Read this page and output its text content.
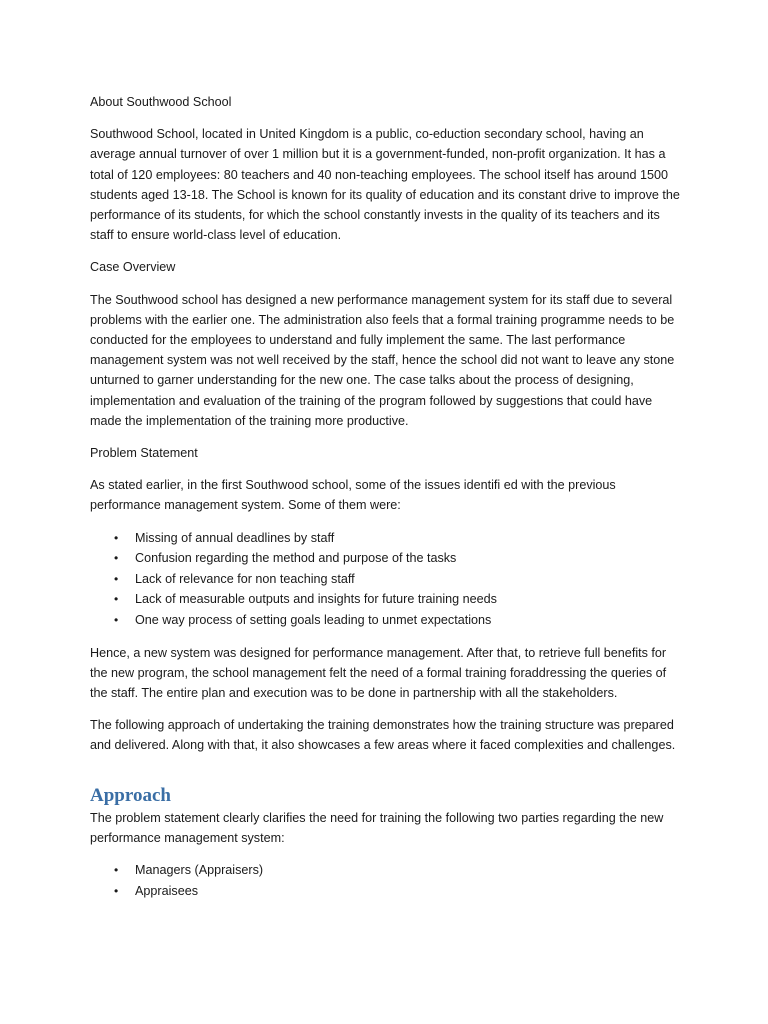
About Southwood School

Southwood School, located in United Kingdom is a public, co-eduction secondary school, having an average annual turnover of over 1 million but it is a government-funded, non-profit organization. It has a total of 120 employees: 80 teachers and 40 non-teaching employees. The school itself has around 1500 students aged 13-18. The School is known for its quality of education and its constant drive to improve the performance of its students, for which the school constantly invests in the quality of its teachers and its staff to ensure world-class level of education.

Case Overview

The Southwood school has designed a new performance management system for its staff due to several problems with the earlier one. The administration also feels that a formal training programme needs to be conducted for the employees to understand and fully implement the same. The last performance management system was not well received by the staff, hence the school did not want to leave any stone unturned to garner understanding for the new one. The case talks about the process of designing, implementation and evaluation of the training of the program followed by suggestions that could have made the implementation of the training more productive.

Problem Statement

As stated earlier, in the first Southwood school, some of the issues identifi ed with the previous performance management system. Some of them were:

• Missing of annual deadlines by staff
• Confusion regarding the method and purpose of the tasks
• Lack of relevance for non teaching staff
• Lack of measurable outputs and insights for future training needs
• One way process of setting goals leading to unmet expectations

Hence, a new system was designed for performance management. After that, to retrieve full benefits for the new program, the school management felt the need of a formal training foraddressing the queries of the staff. The entire plan and execution was to be done in partnership with all the stakeholders.

The following approach of undertaking the training demonstrates how the training structure was prepared and delivered. Along with that, it also showcases a few areas where it faced complexities and challenges.

Approach

The problem statement clearly clarifies the need for training the following two parties regarding the new performance management system:

• Managers (Appraisers)
• Appraisees
